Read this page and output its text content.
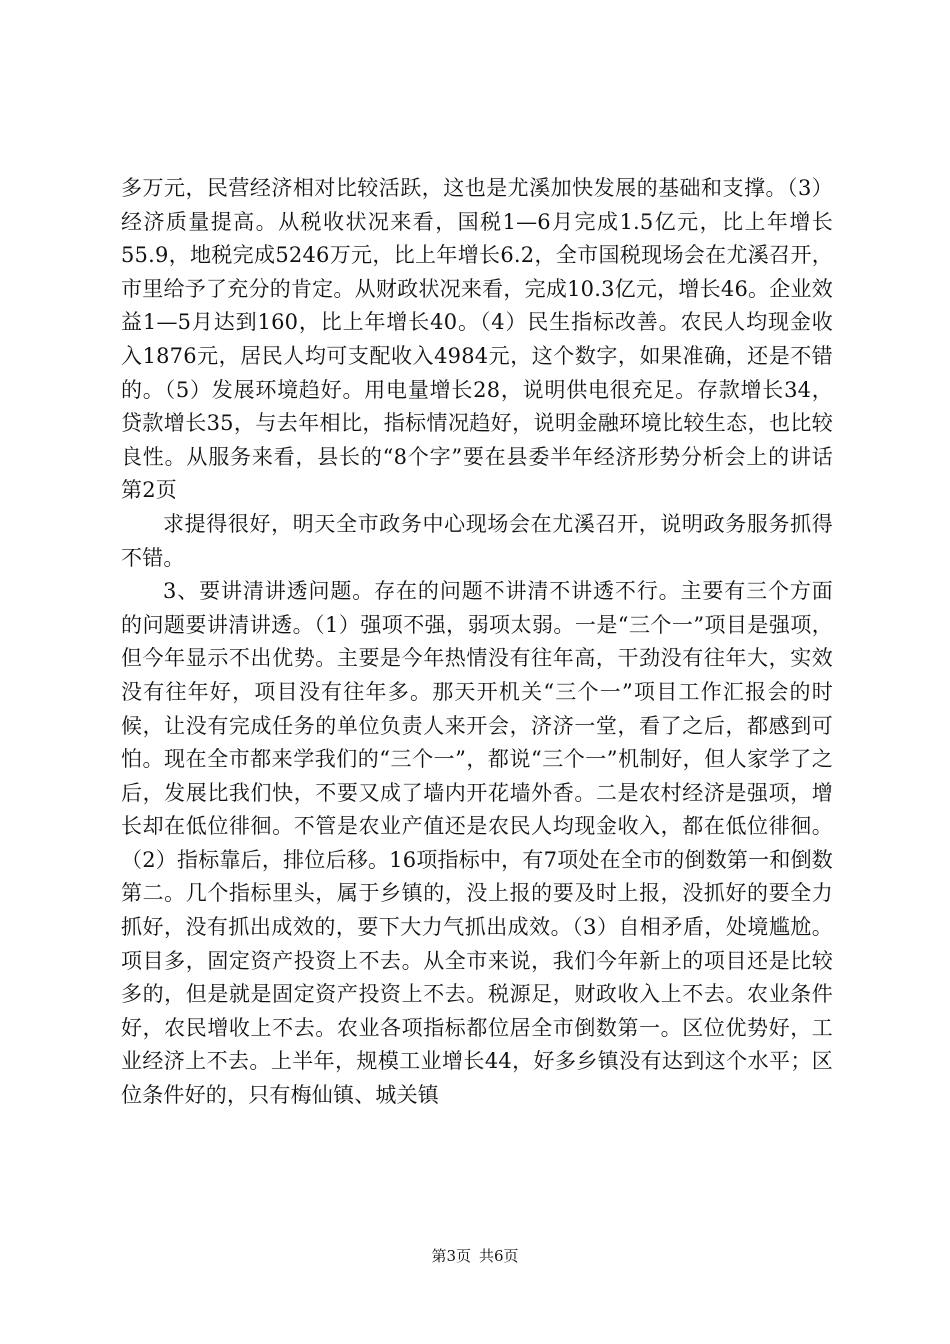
多万元，民营经济相对比较活跃，这也是尤溪加快发展的基础和支撑。（3）经济质量提高。从税收状况来看，国税1—6月完成1.5亿元，比上年增长55.9，地税完成5246万元，比上年增长6.2，全市国税现场会在尤溪召开，市里给予了充分的肯定。从财政状况来看，完成10.3亿元，增长46。企业效益1—5月达到160，比上年增长40。（4）民生指标改善。农民人均现金收入1876元，居民人均可支配收入4984元，这个数字，如果准确，还是不错的。（5）发展环境趋好。用电量增长28，说明供电很充足。存款增长34，贷款增长35，与去年相比，指标情况趋好，说明金融环境比较生态，也比较良性。从服务来看，县长的“8个字”要在县委半年经济形势分析会上的讲话第2页

求提得很好，明天全市政务中心现场会在尤溪召开，说明政务服务抓得不错。

3、要讲清讲透问题。存在的问题不讲清不讲透不行。主要有三个方面的问题要讲清讲透。（1）强项不强，弱项太弱。一是“三个一”项目是强项，但今年显示不出优势。主要是今年热情没有往年高，干劲没有往年大，实效没有往年好，项目没有往年多。那天开机关“三个一”项目工作汇报会的时候，让没有完成任务的单位负责人来开会，济济一堂，看了之后，都感到可怕。现在全市都来学我们的“三个一”，都说“三个一”机制好，但人家学了之后，发展比我们快，不要又成了墙内开花墙外香。二是农村经济是强项，增长却在低位徘徊。不管是农业产值还是农民人均现金收入，都在低位徘徊。（2）指标靠后，排位后移。16项指标中，有7项处在全市的倒数第一和倒数第二。几个指标里头，属于乡镇的，没上报的要及时上报，没抓好的要全力抓好，没有抓出成效的，要下大力气抓出成效。（3）自相矛盾，处境尴尬。项目多，固定资产投资上不去。从全市来说，我们今年新上的项目还是比较多的，但是就是固定资产投资上不去。税源足，财政收入上不去。农业条件好，农民增收上不去。农业各项指标都位居全市倒数第一。区位优势好，工业经济上不去。上半年，规模工业增长44，好多乡镇没有达到这个水平；区位条件好的，只有梅仙镇、城关镇

第3页 共6页
